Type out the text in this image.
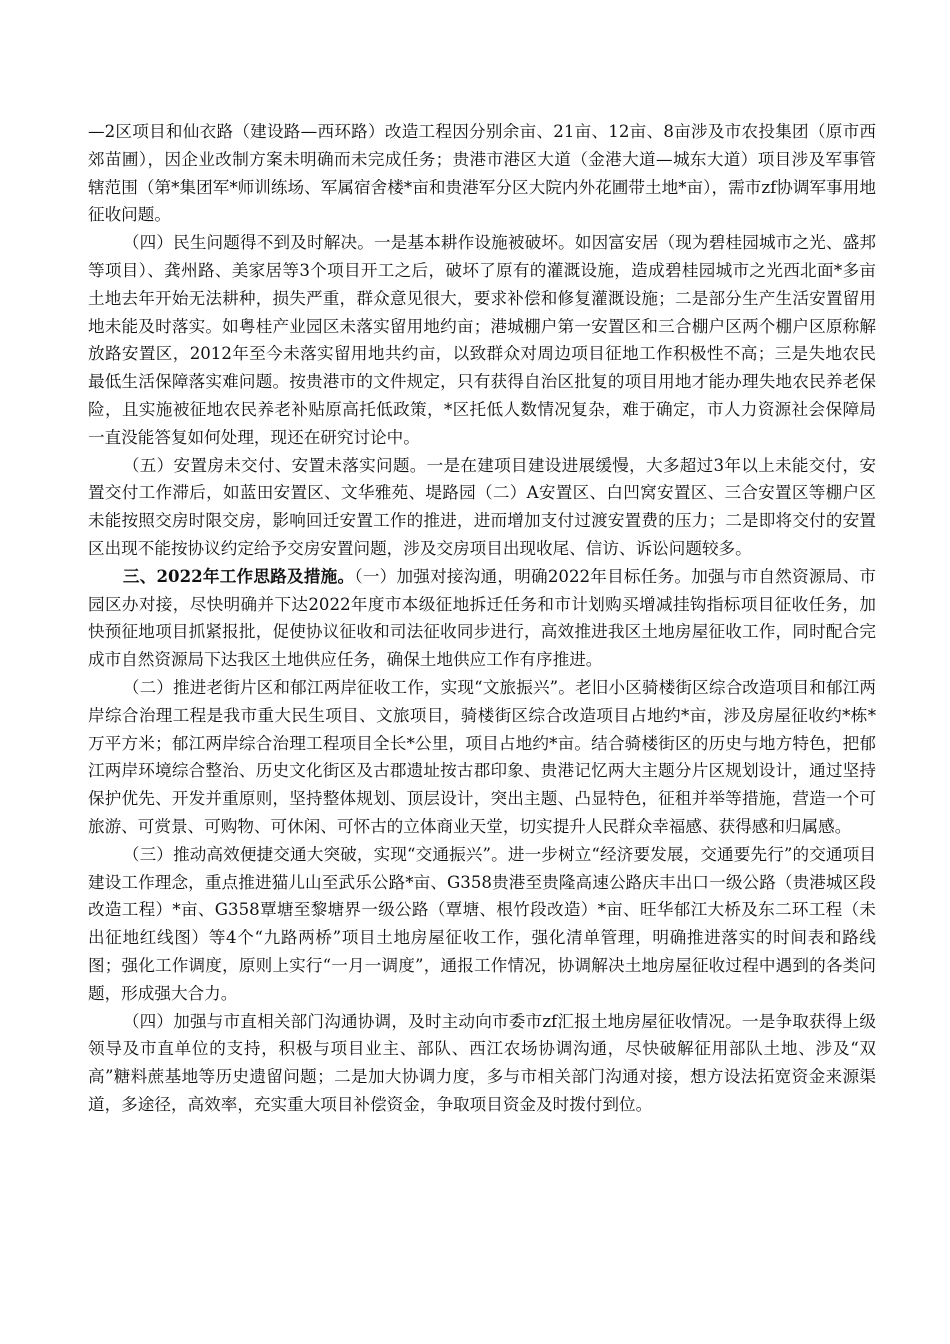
—2区项目和仙衣路（建设路—西环路）改造工程因分别余亩、21亩、12亩、8亩涉及市农投集团（原市西郊苗圃），因企业改制方案未明确而未完成任务；贵港市港区大道（金港大道—城东大道）项目涉及军事管辖范围（第*集团军*师训练场、军属宿舍楼*亩和贵港军分区大院内外花圃带土地*亩），需市zf协调军事用地征收问题。

（四）民生问题得不到及时解决。一是基本耕作设施被破坏。如因富安居（现为碧桂园城市之光、盛邦等项目）、龚州路、美家居等3个项目开工之后，破坏了原有的灌溉设施，造成碧桂园城市之光西北面*多亩土地去年开始无法耕种，损失严重，群众意见很大，要求补偿和修复灌溉设施；二是部分生产生活安置留用地未能及时落实。如粤桂产业园区未落实留用地约亩；港城棚户第一安置区和三合棚户区两个棚户区原称解放路安置区，2012年至今未落实留用地共约亩，以致群众对周边项目征地工作积极性不高；三是失地农民最低生活保障落实难问题。按贵港市的文件规定，只有获得自治区批复的项目用地才能办理失地农民养老保险，且实施被征地农民养老补贴原高托低政策，*区托低人数情况复杂，难于确定，市人力资源社会保障局一直没能答复如何处理，现还在研究讨论中。

（五）安置房未交付、安置未落实问题。一是在建项目建设进展缓慢，大多超过3年以上未能交付，安置交付工作滞后，如蓝田安置区、文华雅苑、堤路园（二）A安置区、白凹窝安置区、三合安置区等棚户区未能按照交房时限交房，影响回迁安置工作的推进，进而增加支付过渡安置费的压力；二是即将交付的安置区出现不能按协议约定给予交房安置问题，涉及交房项目出现收尾、信访、诉讼问题较多。

三、2022年工作思路及措施。（一）加强对接沟通，明确2022年目标任务。加强与市自然资源局、市园区办对接，尽快明确并下达2022年度市本级征地拆迁任务和市计划购买增减挂钩指标项目征收任务，加快预征地项目抓紧报批，促使协议征收和司法征收同步进行，高效推进我区土地房屋征收工作，同时配合完成市自然资源局下达我区土地供应任务，确保土地供应工作有序推进。

（二）推进老街片区和郁江两岸征收工作，实现“文旅振兴”。老旧小区骑楼街区综合改造项目和郁江两岸综合治理工程是我市重大民生项目、文旅项目，骑楼街区综合改造项目占地约*亩，涉及房屋征收约*栋*万平方米；郁江两岸综合治理工程项目全长*公里，项目占地约*亩。结合骑楼街区的历史与地方特色，把郁江两岸环境综合整治、历史文化街区及古郡遗址按古郡印象、贵港记忆两大主题分片区规划设计，通过坚持保护优先、开发并重原则，坚持整体规划、顶层设计，突出主题、凸显特色，征租并举等措施，营造一个可旅游、可赏景、可购物、可休闲、可怀古的立体商业天堂，切实提升人民群众幸福感、获得感和归属感。

（三）推动高效便捷交通大突破，实现“交通振兴”。进一步树立“经济要发展，交通要先行”的交通项目建设工作理念，重点推进猫儿山至武乐公路*亩、G358贵港至贵隆高速公路庆丰出口一级公路（贵港城区段改造工程）*亩、G358覃塘至黎塘界一级公路（覃塘、根竹段改造）*亩、旺华郁江大桥及东二环工程（未出征地红线图）等4个“九路两桥”项目土地房屋征收工作，强化清单管理，明确推进落实的时间表和路线图；强化工作调度，原则上实行“一月一调度”，通报工作情况，协调解决土地房屋征收过程中遇到的各类问题，形成强大合力。

（四）加强与市直相关部门沟通协调，及时主动向市委市zf汇报土地房屋征收情况。一是争取获得上级领导及市直单位的支持，积极与项目业主、部队、西江农场协调沟通，尽快破解征用部队土地、涉及“双高”糖料蔗基地等历史遗留问题；二是加大协调力度，多与市相关部门沟通对接，想方设法拓宽资金来源渠道，多途径，高效率，充实重大项目补偿资金，争取项目资金及时拨付到位。
